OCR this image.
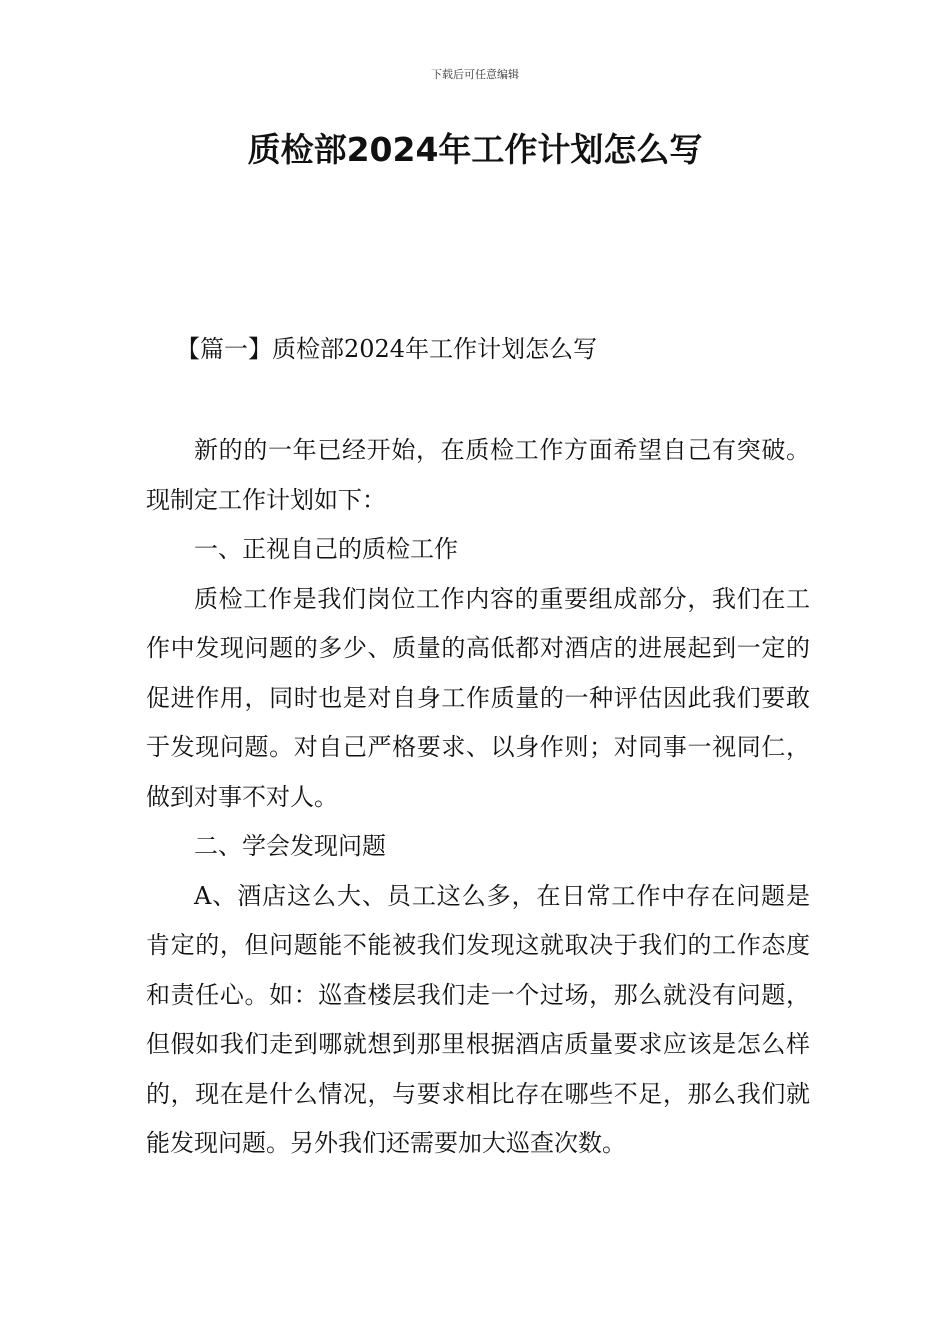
下载后可任意编辑
质检部2024年工作计划怎么写
【篇一】质检部2024年工作计划怎么写

新的的一年已经开始，在质检工作方面希望自己有突破。现制定工作计划如下：

一、正视自己的质检工作

质检工作是我们岗位工作内容的重要组成部分，我们在工作中发现问题的多少、质量的高低都对酒店的进展起到一定的促进作用，同时也是对自身工作质量的一种评估因此我们要敢于发现问题。对自己严格要求、以身作则；对同事一视同仁，做到对事不对人。

二、学会发现问题

A、酒店这么大、员工这么多，在日常工作中存在问题是肯定的，但问题能不能被我们发现这就取决于我们的工作态度和责任心。如：巡查楼层我们走一个过场，那么就没有问题，但假如我们走到哪就想到那里根据酒店质量要求应该是怎么样的，现在是什么情况，与要求相比存在哪些不足，那么我们就能发现问题。另外我们还需要加大巡查次数。
